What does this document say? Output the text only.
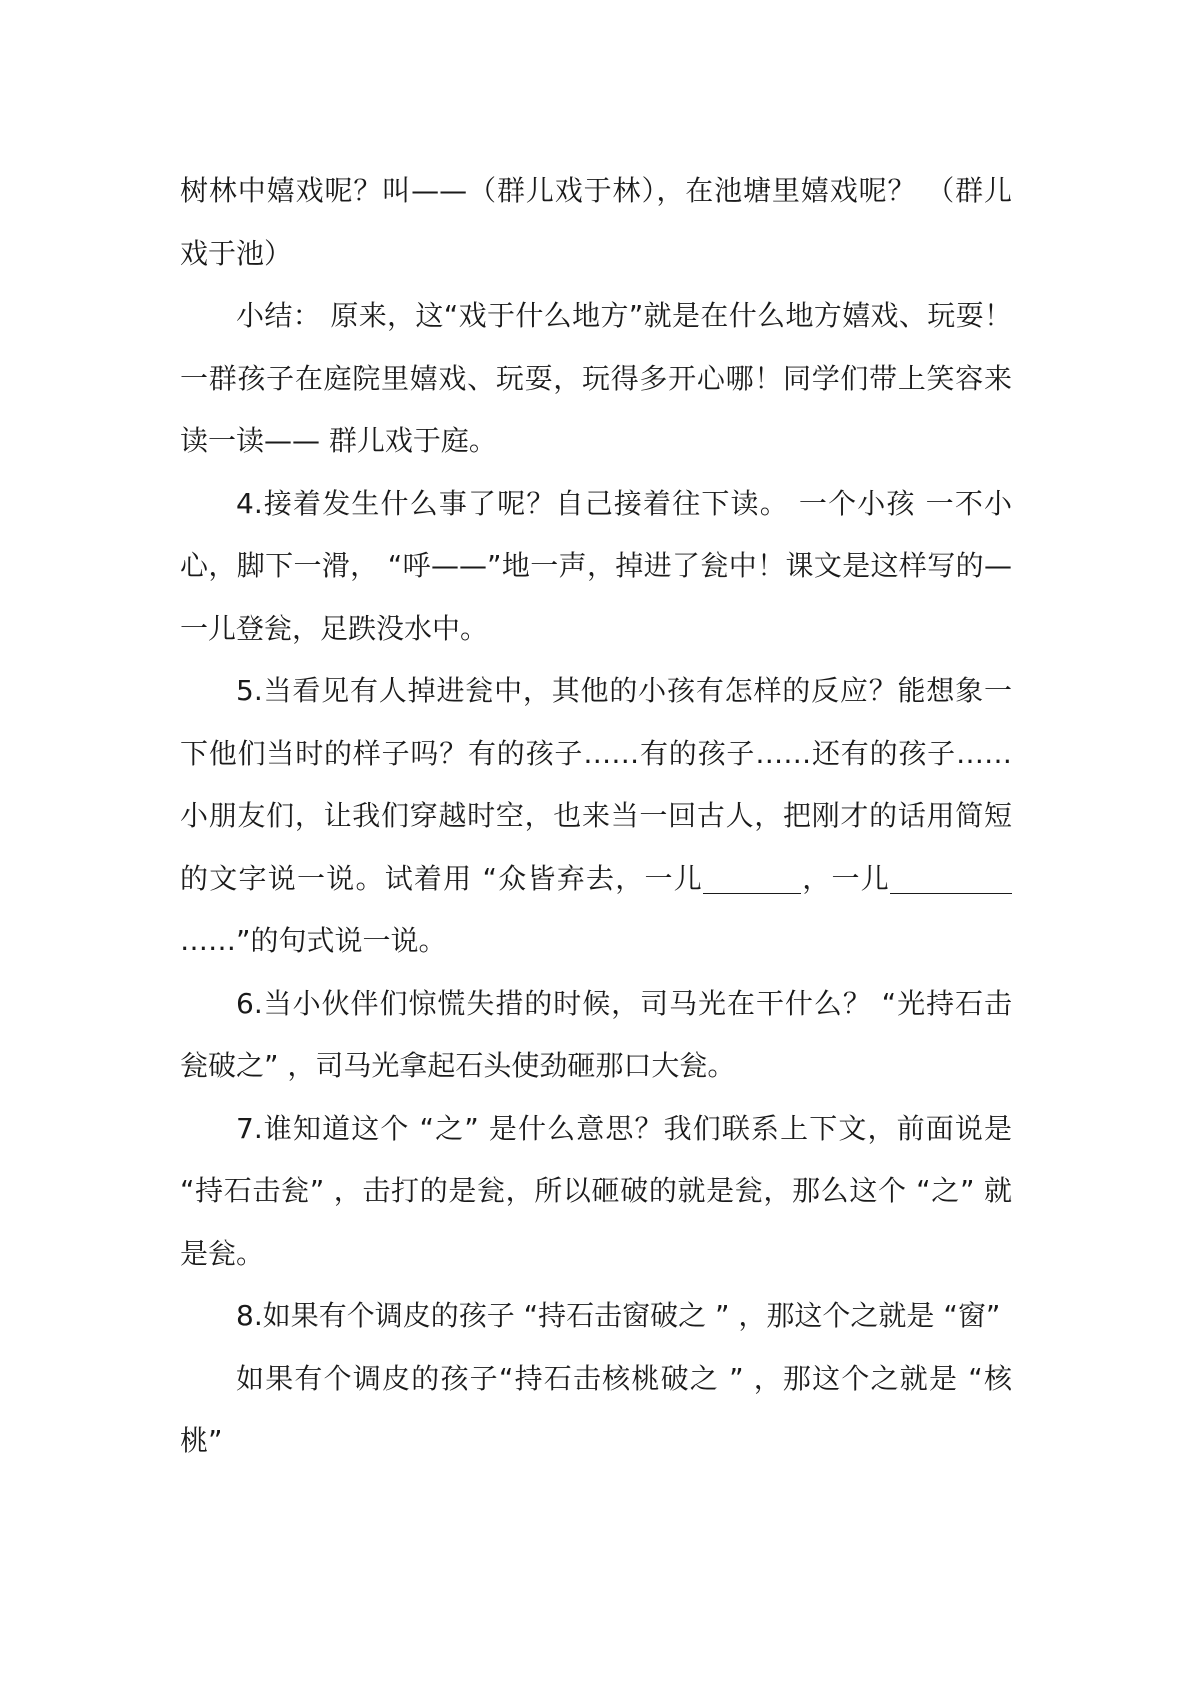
树林中嬉戏呢？叫——（群儿戏于林），在池塘里嬉戏呢？ （群儿戏于池）

小结： 原来，这“戏于什么地方”就是在什么地方嬉戏、玩耍！一群孩子在庭院里嬉戏、玩耍，玩得多开心哪！同学们带上笑容来读一读—— 群儿戏于庭。

4.接着发生什么事了呢？自己接着往下读。 一个小孩 一不小心，脚下一滑， “呼——”地一声，掉进了瓮中！课文是这样写的—一儿登瓮，足跌没水中。

5.当看见有人掉进瓮中，其他的小孩有怎样的反应？能想象一下他们当时的样子吗？有的孩子……有的孩子……还有的孩子……小朋友们，让我们穿越时空，也来当一回古人，把刚才的话用简短的文字说一说。试着用 “众皆弃去，一儿	，一儿……”的句式说一说。

6.当小伙伴们惊慌失措的时候，司马光在干什么？ “光持石击瓮破之” ，司马光拿起石头使劲砸那口大瓮。

7.谁知道这个 “之” 是什么意思？我们联系上下文，前面说是 “持石击瓮” ，击打的是瓮，所以砸破的就是瓮，那么这个 “之” 就是瓮。

8.如果有个调皮的孩子 “持石击窗破之 ” ，那这个之就是 “窗”

如果有个调皮的孩子“持石击核桃破之 ” ，那这个之就是 “核桃”
